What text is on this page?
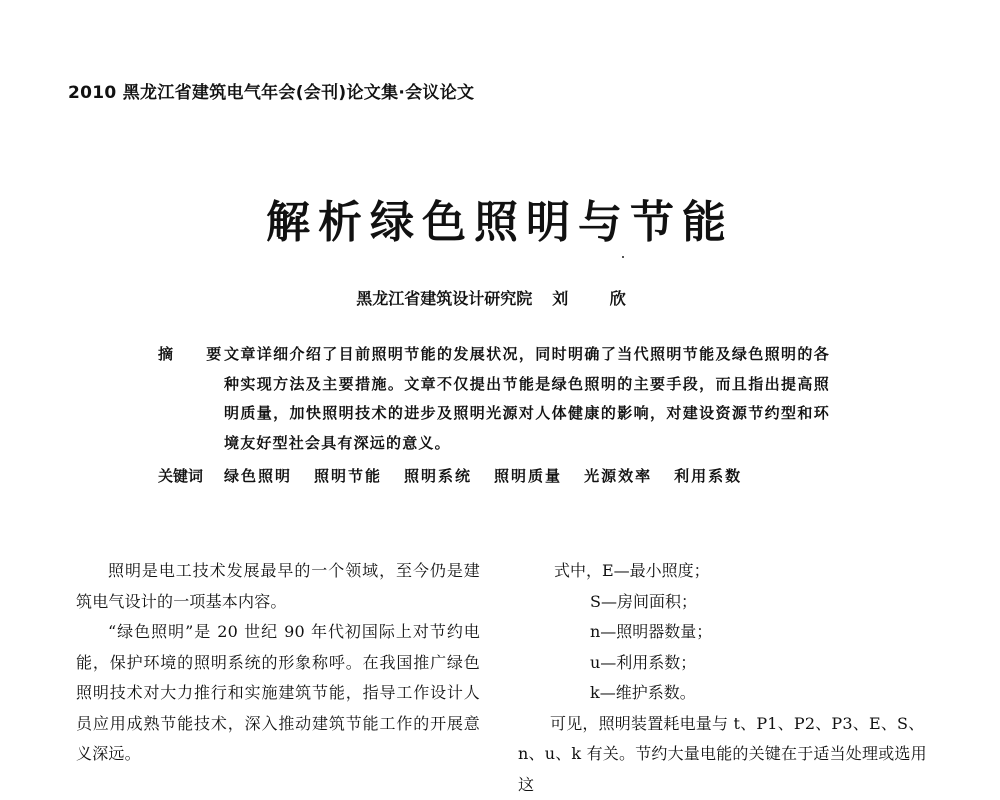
2010 黑龙江省建筑电气年会(会刊)论文集·会议论文
解析绿色照明与节能
黑龙江省建筑设计研究院 刘 欣
摘 要
文章详细介绍了目前照明节能的发展状况，同时明确了当代照明节能及绿色照明的各种实现方法及主要措施。文章不仅提出节能是绿色照明的主要手段，而且指出提高照明质量，加快照明技术的进步及照明光源对人体健康的影响，对建设资源节约型和环境友好型社会具有深远的意义。
关键词	绿色照明 照明节能 照明系统 照明质量 光源效率 利用系数

照明是电工技术发展最早的一个领域，至今仍是建筑电气设计的一项基本内容。

“绿色照明”是 20 世纪 90 年代初国际上对节约电能，保护环境的照明系统的形象称呼。在我国推广绿色照明技术对大力推行和实施建筑节能，指导工作设计人员应用成熟节能技术，深入推动建筑节能工作的开展意义深远。

式中，E—最小照度；

S—房间面积；

n—照明器数量；

u—利用系数；

k—维护系数。

可见，照明装置耗电量与 t、P1、P2、P3、E、S、n、u、k 有关。节约大量电能的关键在于适当处理或选用这
